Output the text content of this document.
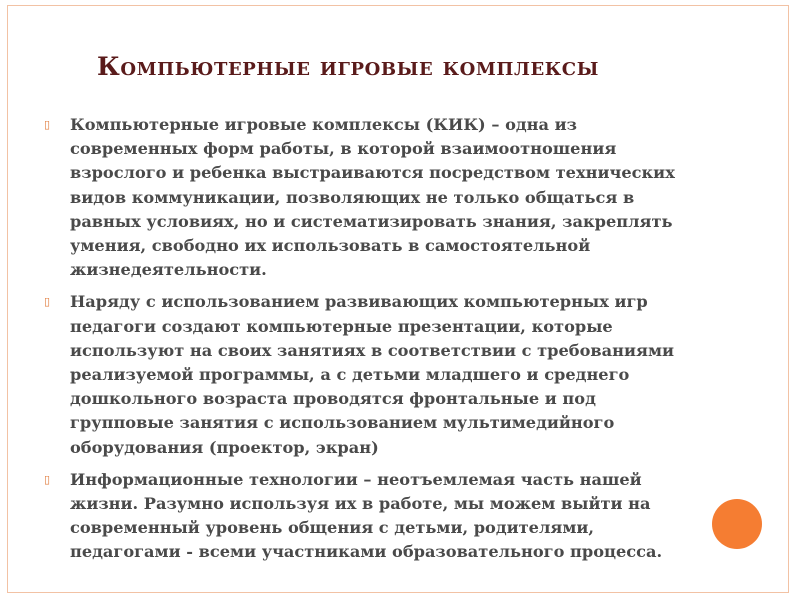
Компьютерные игровые комплексы
▯ Компьютерные игровые комплексы (КИК) – одна из современных форм работы, в которой взаимоотношения взрослого и ребенка выстраиваются посредством технических видов коммуникации, позволяющих не только общаться в равных условиях, но и систематизировать знания, закреплять умения, свободно их использовать в самостоятельной жизнедеятельности.
▯ Наряду с использованием развивающих компьютерных игр педагоги создают компьютерные презентации, которые используют на своих занятиях в соответствии с требованиями реализуемой программы, а с детьми младшего и среднего дошкольного возраста проводятся фронтальные и под групповые занятия с использованием мультимедийного оборудования (проектор, экран)
▯ Информационные технологии – неотъемлемая часть нашей жизни. Разумно используя их в работе, мы можем выйти на современный уровень общения с детьми, родителями, педагогами - всеми участниками образовательного процесса.
